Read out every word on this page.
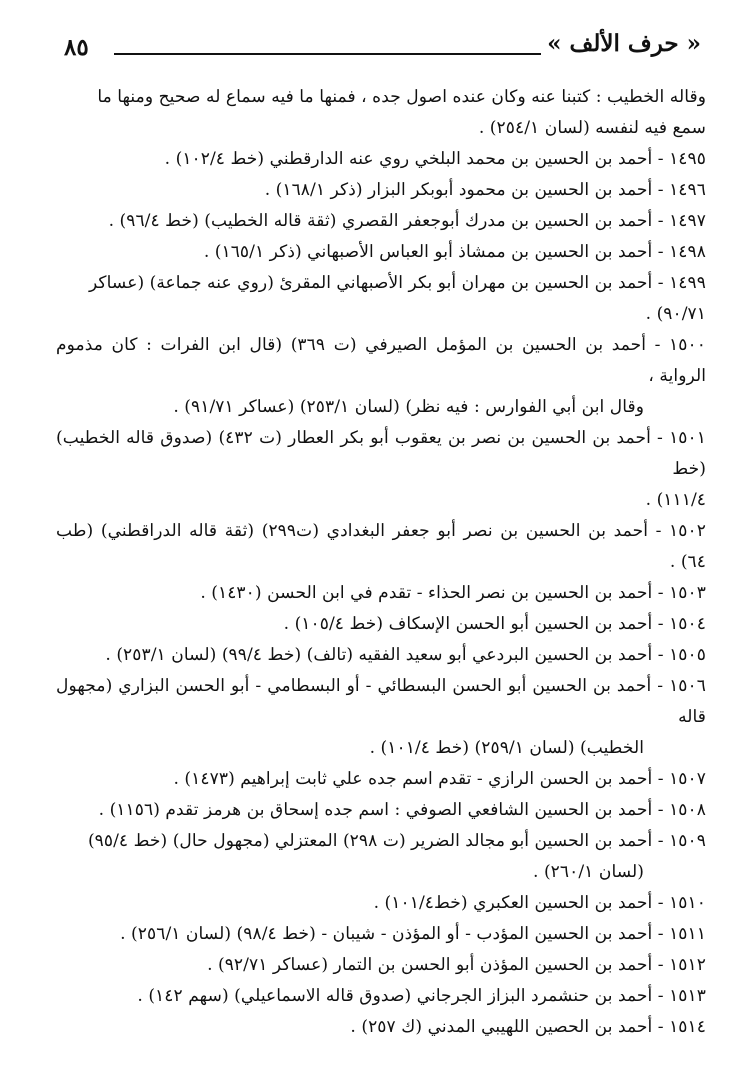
٨٥	« حرف الألف »

وقاله الخطيب : كتبنا عنه وكان عنده اصول جده ، فمنها ما فيه سماع له صحيح ومنها ما
سمع فيه لنفسه (لسان ٢٥٤/١) .

١٤٩٥ - أحمد بن الحسين بن محمد البلخي روي عنه الدارقطني (خط ١٠٢/٤) .

١٤٩٦ - أحمد بن الحسين بن محمود أبوبكر البزار (ذكر ١٦٨/١) .

١٤٩٧ - أحمد بن الحسين بن مدرك أبوجعفر القصري (ثقة قاله الخطيب) (خط ٩٦/٤) .

١٤٩٨ - أحمد بن الحسين بن ممشاذ أبو العباس الأصبهاني (ذكر ١٦٥/١) .

١٤٩٩ - أحمد بن الحسين بن مهران أبو بكر الأصبهاني المقرئ (روي عنه جماعة) (عساكر
٩٠/٧١) .

١٥٠٠ - أحمد بن الحسين بن المؤمل الصيرفي (ت ٣٦٩) (قال ابن الفرات : كان مذموم الرواية ،
وقال ابن أبي الفوارس : فيه نظر) (لسان ٢٥٣/١) (عساكر ٩١/٧١) .

١٥٠١ - أحمد بن الحسين بن نصر بن يعقوب أبو بكر العطار (ت ٤٣٢) (صدوق قاله الخطيب) (خط
١١١/٤) .

١٥٠٢ - أحمد بن الحسين بن نصر أبو جعفر البغدادي (ت٢٩٩) (ثقة قاله الدراقطني) (طب ٦٤) .

١٥٠٣ - أحمد بن الحسين بن نصر الحذاء - تقدم في ابن الحسن (١٤٣٠) .

١٥٠٤ - أحمد بن الحسين أبو الحسن الإسكاف (خط ١٠٥/٤) .

١٥٠٥ - أحمد بن الحسين البردعي أبو سعيد الفقيه (تالف) (خط ٩٩/٤) (لسان ٢٥٣/١) .

١٥٠٦ - أحمد بن الحسين أبو الحسن البسطائي - أو البسطامي - أبو الحسن البزاري (مجهول قاله
الخطيب) (لسان ٢٥٩/١) (خط ١٠١/٤) .

١٥٠٧ - أحمد بن الحسن الرازي - تقدم اسم جده علي ثابت إبراهيم (١٤٧٣) .

١٥٠٨ - أحمد بن الحسين الشافعي الصوفي : اسم جده إسحاق بن هرمز تقدم (١١٥٦) .

١٥٠٩ - أحمد بن الحسين أبو مجالد الضرير (ت ٢٩٨) المعتزلي (مجهول حال) (خط ٩٥/٤)
(لسان ٢٦٠/١) .

١٥١٠ - أحمد بن الحسين العكبري (خط١٠١/٤) .

١٥١١ - أحمد بن الحسين المؤدب - أو المؤذن - شيبان - (خط ٩٨/٤) (لسان ٢٥٦/١) .

١٥١٢ - أحمد بن الحسين المؤذن أبو الحسن بن التمار (عساكر ٩٢/٧١) .

١٥١٣ - أحمد بن حنشمرد البزاز الجرجاني (صدوق قاله الاسماعيلي) (سهم ١٤٢) .

١٥١٤ - أحمد بن الحصين اللهيبي المدني (ك ٢٥٧) .
